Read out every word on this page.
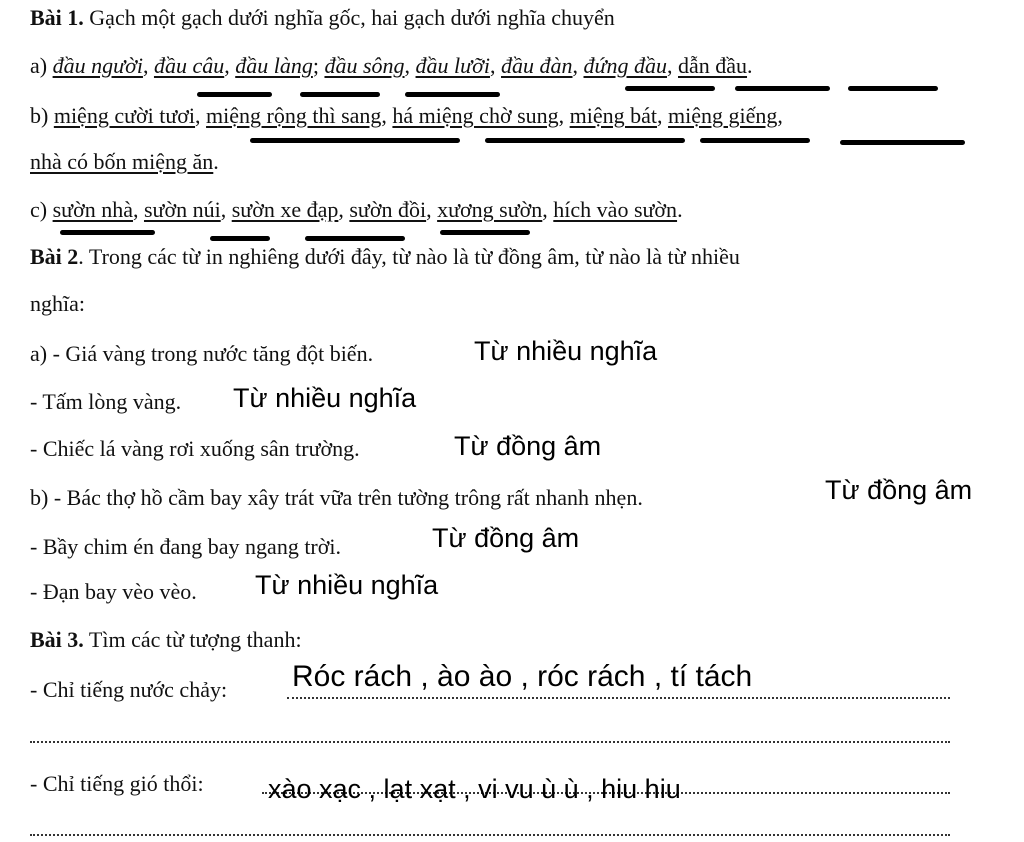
Bài 1. Gạch một gạch dưới nghĩa gốc, hai gạch dưới nghĩa chuyển
a) đầu người, đầu câu, đầu làng; đầu sông, đầu lưỡi, đầu đàn, đứng đầu, dẫn đầu.
b) miệng cười tươi, miệng rộng thì sang, há miệng chờ sung, miệng bát, miệng giếng,
nhà có bốn miệng ăn.
c) sườn nhà, sườn núi, sườn xe đạp, sườn đồi, xương sườn, hích vào sườn.
Bài 2. Trong các từ in nghiêng dưới đây, từ nào là từ đồng âm, từ nào là từ nhiều
nghĩa:
a) - Giá vàng trong nước tăng đột biến.	Từ nhiều nghĩa
- Tấm lòng vàng. Từ nhiều nghĩa
- Chiếc lá vàng rơi xuống sân trường.	Từ đồng âm
b) - Bác thợ hồ cầm bay xây trát vữa trên tường trông rất nhanh nhẹn.	Từ đồng âm
- Bầy chim én đang bay ngang trời.	Từ đồng âm
- Đạn bay vèo vèo. Từ nhiều nghĩa
Bài 3. Tìm các từ tượng thanh:
- Chỉ tiếng nước chảy: Róc rách , ào ào , róc rách , tí tách
- Chỉ tiếng gió thổi: xào xạc , lạt xạt , vi vu ù ù , hiu hiu
